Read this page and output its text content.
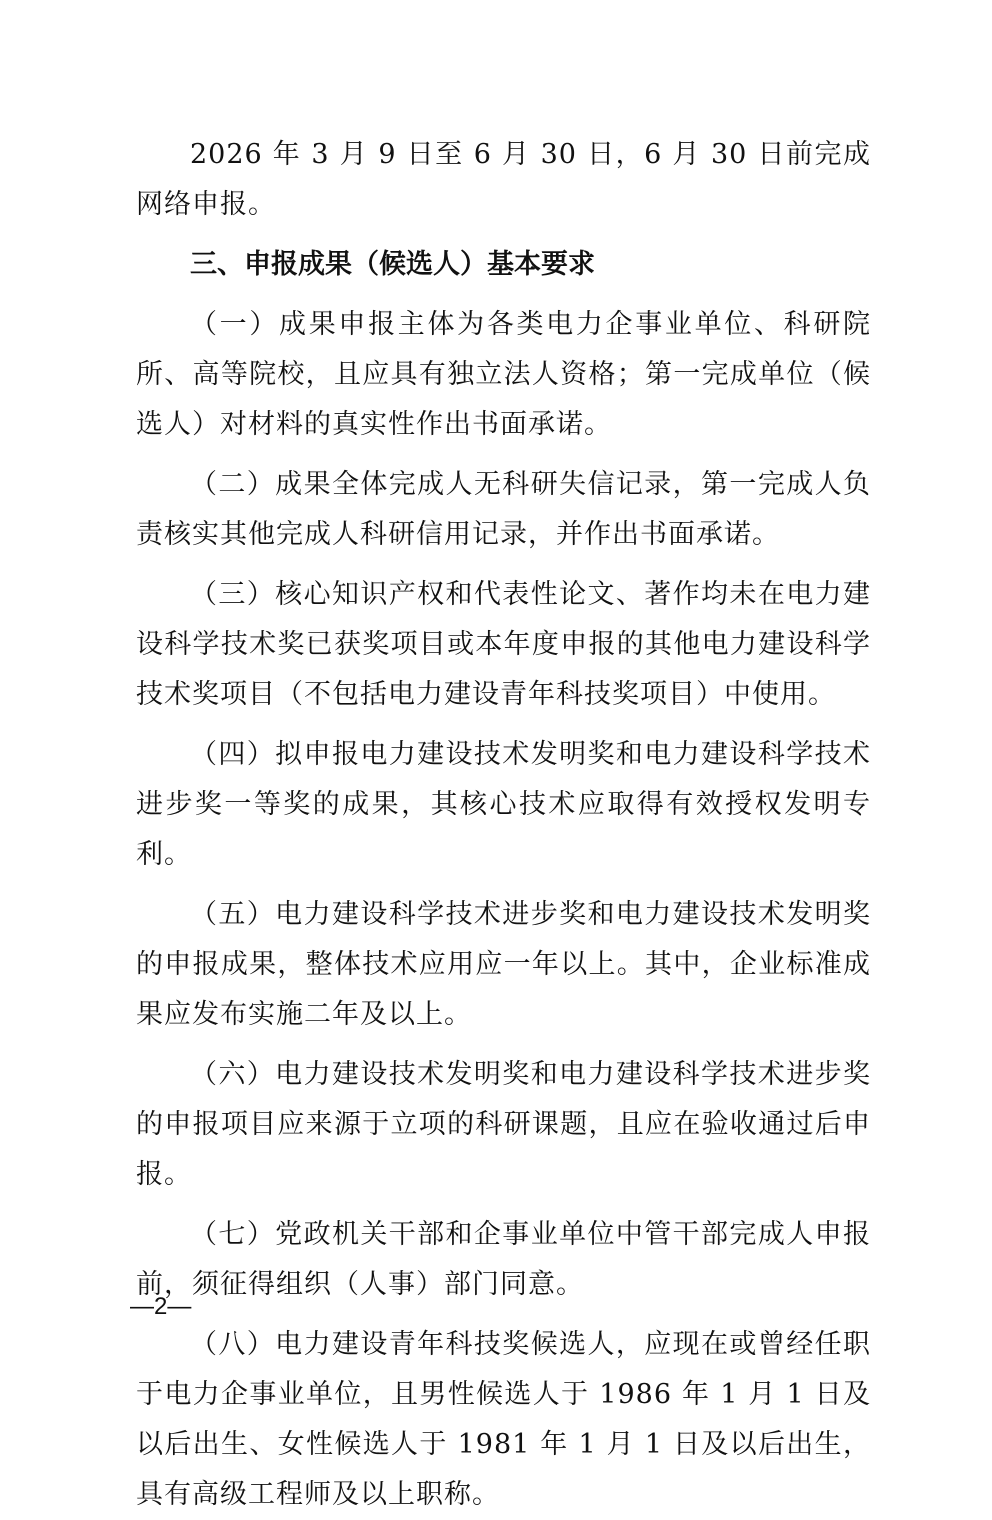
2026 年 3 月 9 日至 6 月 30 日，6 月 30 日前完成网络申报。

三、申报成果（候选人）基本要求

（一）成果申报主体为各类电力企事业单位、科研院所、高等院校，且应具有独立法人资格；第一完成单位（候选人）对材料的真实性作出书面承诺。

（二）成果全体完成人无科研失信记录，第一完成人负责核实其他完成人科研信用记录，并作出书面承诺。

（三）核心知识产权和代表性论文、著作均未在电力建设科学技术奖已获奖项目或本年度申报的其他电力建设科学技术奖项目（不包括电力建设青年科技奖项目）中使用。

（四）拟申报电力建设技术发明奖和电力建设科学技术进步奖一等奖的成果，其核心技术应取得有效授权发明专利。

（五）电力建设科学技术进步奖和电力建设技术发明奖的申报成果，整体技术应用应一年以上。其中，企业标准成果应发布实施二年及以上。

（六）电力建设技术发明奖和电力建设科学技术进步奖的申报项目应来源于立项的科研课题，且应在验收通过后申报。

（七）党政机关干部和企事业单位中管干部完成人申报前，须征得组织（人事）部门同意。

（八）电力建设青年科技奖候选人，应现在或曾经任职于电力企事业单位，且男性候选人于 1986 年 1 月 1 日及以后出生、女性候选人于 1981 年 1 月 1 日及以后出生，具有高级工程师及以上职称。

—2—
